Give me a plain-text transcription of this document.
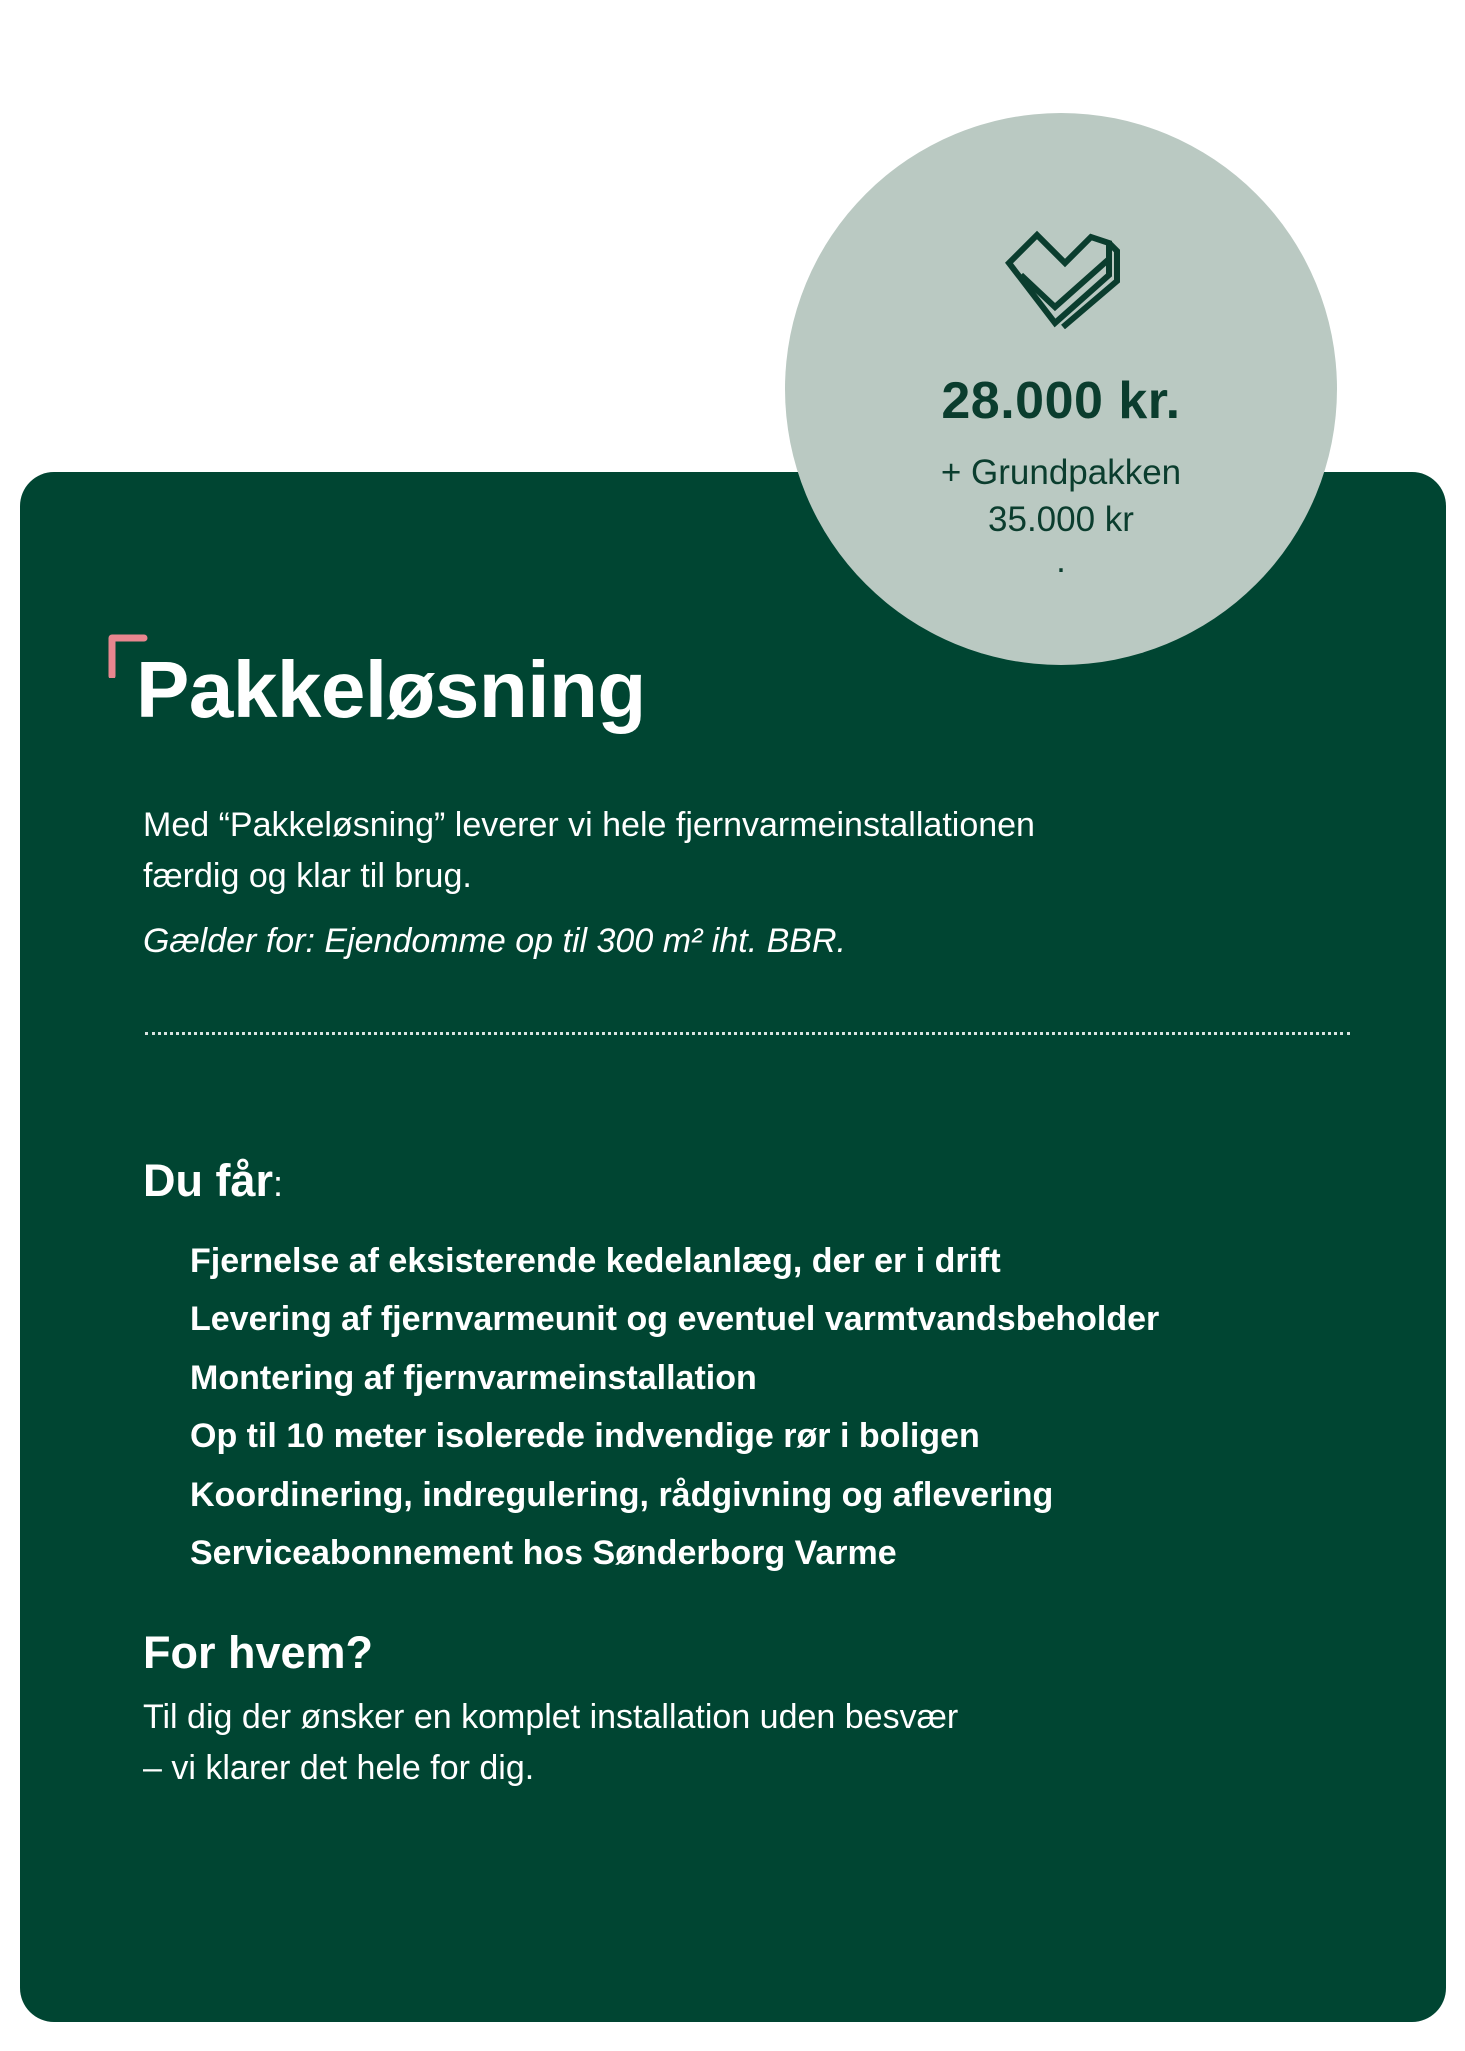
28.000 kr.
+ Grundpakken
35.000 kr
.
Pakkeløsning
Med “Pakkeløsning” leverer vi hele fjernvarmeinstallationen
færdig og klar til brug.
Gælder for: Ejendomme op til 300 m² iht. BBR.
Du får:
Fjernelse af eksisterende kedelanlæg, der er i drift
Levering af fjernvarmeunit og eventuel varmtvandsbeholder
Montering af fjernvarmeinstallation
Op til 10 meter isolerede indvendige rør i boligen
Koordinering, indregulering, rådgivning og aflevering
Serviceabonnement hos Sønderborg Varme
For hvem?
Til dig der ønsker en komplet installation uden besvær
– vi klarer det hele for dig.
